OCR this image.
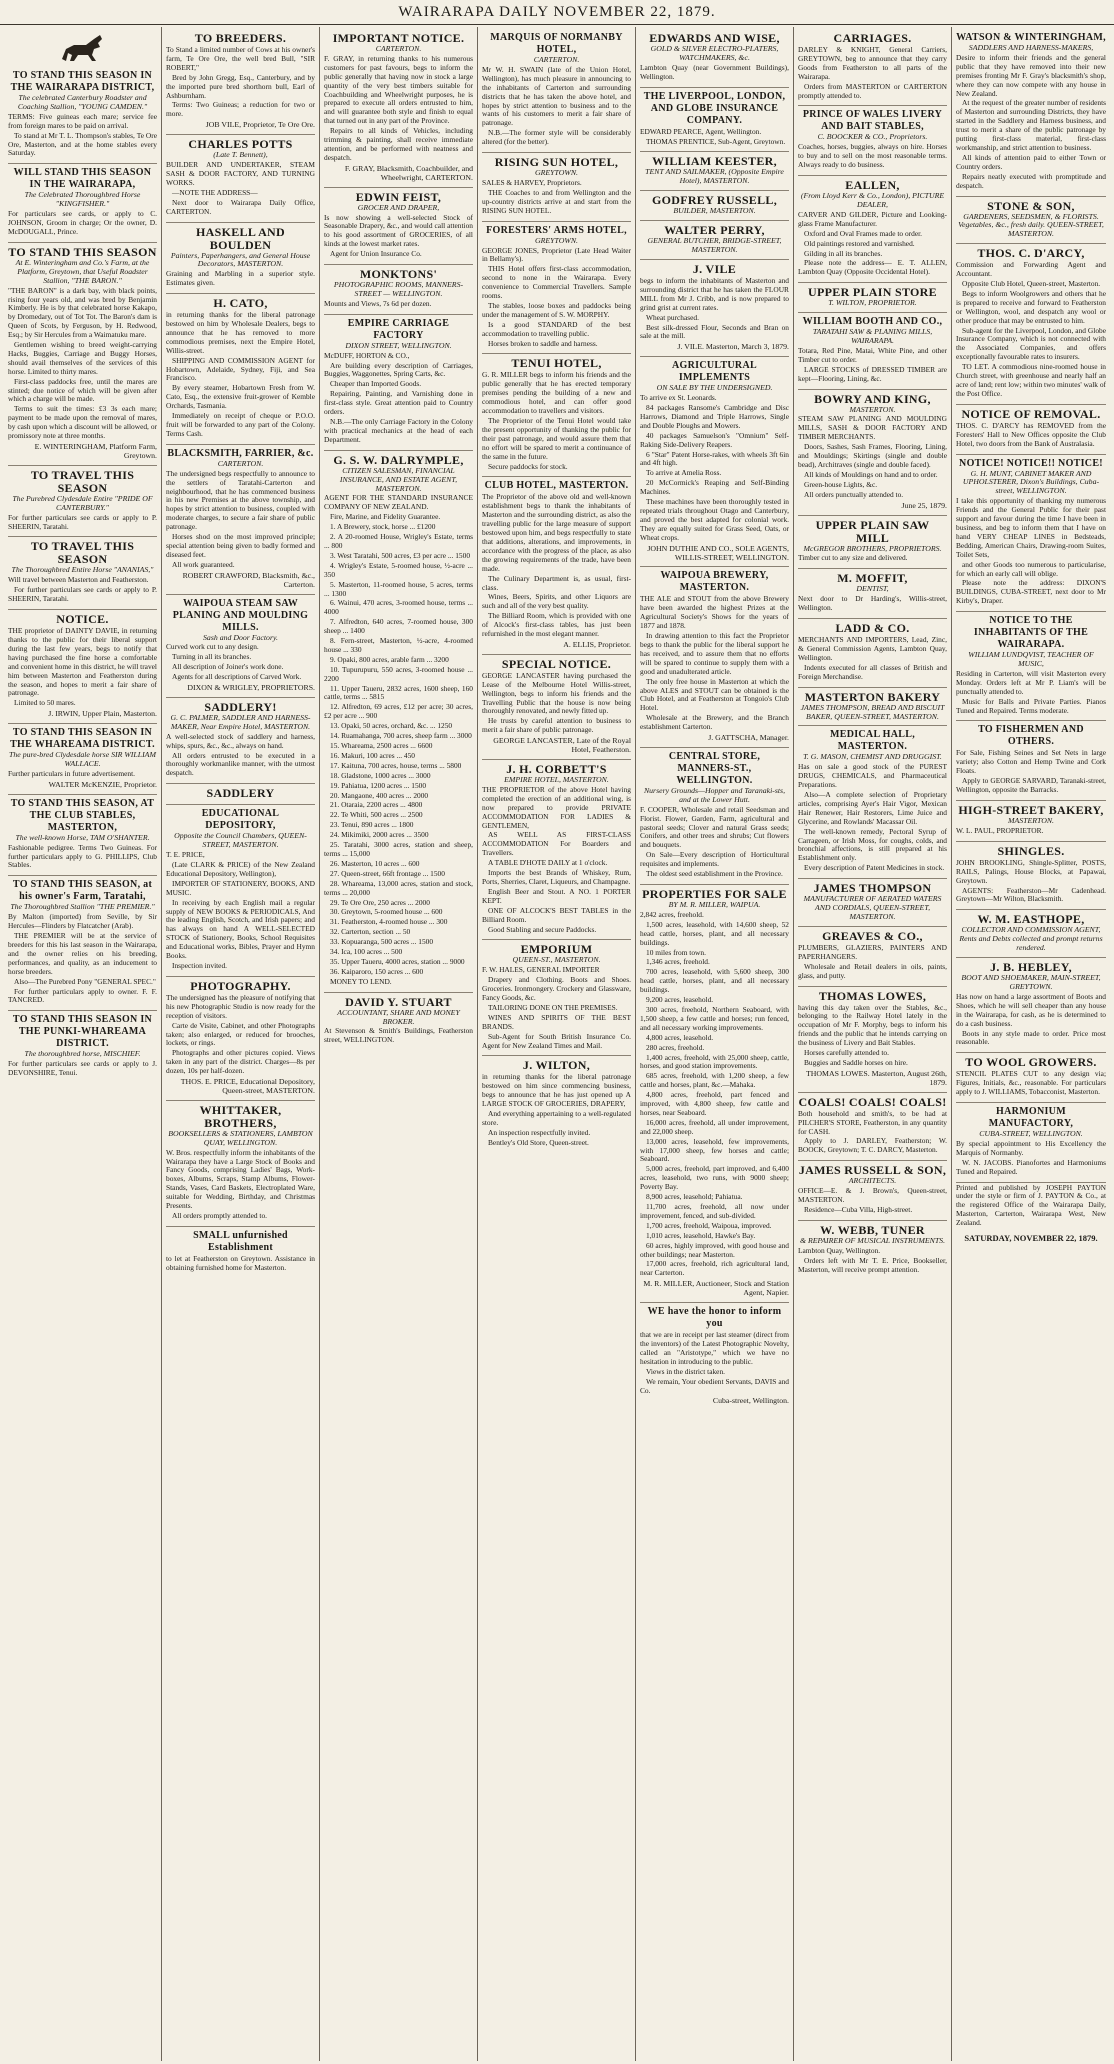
WAIRARAPA DAILY NOVEMBER 22, 1879.
TO STAND THIS SEASON IN THE WAIRARAPA DISTRICT,
The celebrated Canterbury Roadster and Coaching Stallion, "YOUNG CAMDEN."

TERMS: Five guineas each mare; service fee from foreign mares to be paid on arrival.

To stand at Mr T. L. Thompson's stables, Te Ore Ore, Masterton, and at the home stables every Saturday.

WILL STAND THIS SEASON IN THE WAIRARAPA,
The Celebrated Thoroughbred Horse "KINGFISHER."

For particulars see cards, or apply to C. JOHNSON, Groom in charge; Or the owner, D. McDOUGALL, Prince.

TO STAND THIS SEASON
At E. Winteringham and Co.'s Farm, at the Platform, Greytown, that Useful Roadster Stallion, "THE BARON."

"THE BARON" is a dark bay, with black points, rising four years old, and was bred by Benjamin Kimberly. He is by that celebrated horse Kakapo, by Dromedary, out of Tot Tot. The Baron's dam is Queen of Scots, by Ferguson, by H. Redwood, Esq.; by Sir Hercules from a Waimatuku mare.

Gentlemen wishing to breed weight-carrying Hacks, Buggies, Carriage and Buggy Horses, should avail themselves of the services of this horse. Limited to thirty mares.

First-class paddocks free, until the mares are stinted; due notice of which will be given after which a charge will be made.

Terms to suit the times: £3 3s each mare; payment to be made upon the removal of mares, by cash upon which a discount will be allowed, or promissory note at three months.

E. WINTERINGHAM, Platform Farm, Greytown.
TO TRAVEL THIS SEASON
The Purebred Clydesdale Entire "PRIDE OF CANTERBURY."

For further particulars see cards or apply to P. SHEERIN, Taratahi.

TO TRAVEL THIS SEASON
The Thoroughbred Entire Horse "ANANIAS,"

Will travel between Masterton and Featherston.

For further particulars see cards or apply to P. SHEERIN, Taratahi.

NOTICE.

THE proprietor of DAINTY DAVIE, in returning thanks to the public for their liberal support during the last few years, begs to notify that having purchased the fine horse a comfortable and convenient home in this district, he will travel him between Masterton and Featherston during the season, and hopes to merit a fair share of patronage.

Limited to 50 mares.

J. IRWIN, Upper Plain, Masterton.
TO STAND THIS SEASON IN THE WHAREAMA DISTRICT.
The pure-bred Clydesdale horse SIR WILLIAM WALLACE.

Further particulars in future advertisement.

WALTER McKENZIE, Proprietor.
TO STAND THIS SEASON, AT THE CLUB STABLES, MASTERTON,
The well-known Horse, TAM O'SHANTER.

Fashionable pedigree. Terms Two Guineas. For further particulars apply to G. PHILLIPS, Club Stables.

TO STAND THIS SEASON, at his owner's Farm, Taratahi,
The Thoroughbred Stallion "THE PREMIER."

By Malton (imported) from Seville, by Sir Hercules—Flinders by Flatcatcher (Arab).

THE PREMIER will be at the service of breeders for this his last season in the Wairarapa, and the owner relies on his breeding, performances, and quality, as an inducement to horse breeders.

Also—The Purebred Pony "GENERAL SPEC."

For further particulars apply to owner. F. F. TANCRED.

TO STAND THIS SEASON IN THE PUNKI-WHAREAMA DISTRICT.
The thoroughbred horse, MISCHIEF.

For further particulars see cards or apply to J. DEVONSHIRE, Tenui.

TO BREEDERS.

To Stand a limited number of Cows at his owner's farm, Te Ore Ore, the well bred Bull, "SIR ROBERT,"

Bred by John Gregg, Esq., Canterbury, and by the imported pure bred shorthorn bull, Earl of Ashburnham.

Terms: Two Guineas; a reduction for two or more.

JOB VILE, Proprietor, Te Ore Ore.
CHARLES POTTS
(Late T. Bennett),

BUILDER AND UNDERTAKER, STEAM SASH & DOOR FACTORY, AND TURNING WORKS.

—NOTE THE ADDRESS—

Next door to Wairarapa Daily Office, CARTERTON.

HASKELL AND BOULDEN
Painters, Paperhangers, and General House Decorators, MASTERTON.

Graining and Marbling in a superior style. Estimates given.

H. CATO,

in returning thanks for the liberal patronage bestowed on him by Wholesale Dealers, begs to announce that he has removed to more commodious premises, next the Empire Hotel, Willis-street.

SHIPPING AND COMMISSION AGENT for Hobartown, Adelaide, Sydney, Fiji, and Sea Francisco.

By every steamer, Hobartown Fresh from W. Cato, Esq., the extensive fruit-grower of Kemble Orchards, Tasmania.

Immediately on receipt of cheque or P.O.O. fruit will be forwarded to any part of the Colony. Terms Cash.

BLACKSMITH, FARRIER, &c.
CARTERTON.

The undersigned begs respectfully to announce to the settlers of Taratahi-Carterton and neighbourhood, that he has commenced business in his new Premises at the above township, and hopes by strict attention to business, coupled with moderate charges, to secure a fair share of public patronage.

Horses shod on the most improved principle; special attention being given to badly formed and diseased feet.

All work guaranteed.

ROBERT CRAWFORD, Blacksmith, &c., Carterton.
WAIPOUA STEAM SAW PLANING AND MOULDING MILLS.
Sash and Door Factory.

Curved work cut to any design.

Turning in all its branches.

All description of Joiner's work done.

Agents for all descriptions of Carved Work.

DIXON & WRIGLEY, PROPRIETORS.
SADDLERY!
G. C. PALMER, SADDLER AND HARNESS-MAKER, Near Empire Hotel, MASTERTON.

A well-selected stock of saddlery and harness, whips, spurs, &c., &c., always on hand.

All orders entrusted to be executed in a thoroughly workmanlike manner, with the utmost despatch.

SADDLERY
EDUCATIONAL DEPOSITORY,
Opposite the Council Chambers, QUEEN-STREET, MASTERTON.

T. E. PRICE,

(Late CLARK & PRICE) of the New Zealand Educational Depository, Wellington),

IMPORTER OF STATIONERY, BOOKS, AND MUSIC.

In receiving by each English mail a regular supply of NEW BOOKS & PERIODICALS, And the leading English, Scotch, and Irish papers; and has always on hand A WELL-SELECTED STOCK of Stationery, Books, School Requisites and Educational works, Bibles, Prayer and Hymn Books.

Inspection invited.

PHOTOGRAPHY.

The undersigned has the pleasure of notifying that his new Photographic Studio is now ready for the reception of visitors.

Carte de Visite, Cabinet, and other Photographs taken; also enlarged, or reduced for brooches, lockets, or rings.

Photographs and other pictures copied. Views taken in any part of the district. Charges—8s per dozen, 10s per half-dozen.

THOS. E. PRICE, Educational Depository, Queen-street, MASTERTON.
WHITTAKER, BROTHERS,
BOOKSELLERS & STATIONERS, LAMBTON QUAY, WELLINGTON.

W. Bros. respectfully inform the inhabitants of the Wairarapa they have a Large Stock of Books and Fancy Goods, comprising Ladies' Bags, Work-boxes, Albums, Scraps, Stamp Albums, Flower-Stands, Vases, Card Baskets, Electroplated Ware, suitable for Wedding, Birthday, and Christmas Presents.

All orders promptly attended to.

SMALL unfurnished Establishment

to let at Featherston on Greytown. Assistance in obtaining furnished home for Masterton.

IMPORTANT NOTICE.
CARTERTON.

F. GRAY, in returning thanks to his numerous customers for past favours, begs to inform the public generally that having now in stock a large quantity of the very best timbers suitable for Coachbuilding and Wheelwright purposes, he is prepared to execute all orders entrusted to him, and will guarantee both style and finish to equal that turned out in any part of the Province.

Repairs to all kinds of Vehicles, including trimming & painting, shall receive immediate attention, and be performed with neatness and despatch.

F. GRAY, Blacksmith, Coachbuilder, and Wheelwright, CARTERTON.
EDWIN FEIST,
GROCER AND DRAPER,

Is now showing a well-selected Stock of Seasonable Drapery, &c., and would call attention to his good assortment of GROCERIES, of all kinds at the lowest market rates.

Agent for Union Insurance Co.

MONKTONS'
PHOTOGRAPHIC ROOMS, MANNERS-STREET — WELLINGTON.

Mounts and Views, 7s 6d per dozen.

EMPIRE CARRIAGE FACTORY
DIXON STREET, WELLINGTON.

McDUFF, HORTON & CO.,

Are building every description of Carriages, Buggies, Waggonettes, Spring Carts, &c.

Cheaper than Imported Goods.

Repairing, Painting, and Varnishing done in first-class style. Great attention paid to Country orders.

N.B.—The only Carriage Factory in the Colony with practical mechanics at the head of each Department.

G. S. W. DALRYMPLE,
CITIZEN SALESMAN, FINANCIAL INSURANCE, AND ESTATE AGENT, MASTERTON.

AGENT FOR THE STANDARD INSURANCE COMPANY OF NEW ZEALAND.

Fire, Marine, and Fidelity Guarantee.

1. A Brewery, stock, horse ... £1200

2. A 20-roomed House, Wrigley's Estate, terms ... 800

3. West Taratahi, 500 acres, £3 per acre ... 1500

4. Wrigley's Estate, 5-roomed house, ½-acre ... 350

5. Masterton, 11-roomed house, 5 acres, terms ... 1300

6. Wainui, 470 acres, 3-roomed house, terms ... 4000

7. Alfredton, 640 acres, 7-roomed house, 300 sheep ... 1400

8. Fern-street, Masterton, ½-acre, 4-roomed house ... 330

9. Opaki, 800 acres, arable farm ... 3200

10. Tupurupuru, 550 acres, 3-roomed house ... 2200

11. Upper Taueru, 2832 acres, 1600 sheep, 160 cattle, terms ... 5815

12. Alfredton, 69 acres, £12 per acre; 30 acres, £2 per acre ... 900

13. Opaki, 50 acres, orchard, &c. ... 1250

14. Ruamahanga, 700 acres, sheep farm ... 3000

15. Whareama, 2500 acres ... 6600

16. Makuri, 100 acres ... 450

17. Kaituna, 700 acres, house, terms ... 5800

18. Gladstone, 1000 acres ... 3000

19. Pahiatua, 1200 acres ... 1500

20. Mangaone, 400 acres ... 2000

21. Otaraia, 2200 acres ... 4800

22. Te Whiti, 500 acres ... 2500

23. Tenui, 890 acres ... 1800

24. Mikimiki, 2000 acres ... 3500

25. Taratahi, 3000 acres, station and sheep, terms ... 15,000

26. Masterton, 10 acres ... 600

27. Queen-street, 66ft frontage ... 1500

28. Whareama, 13,000 acres, station and stock, terms ... 20,000

29. Te Ore Ore, 250 acres ... 2000

30. Greytown, 5-roomed house ... 600

31. Featherston, 4-roomed house ... 300

32. Carterton, section ... 50

33. Kopuaranga, 500 acres ... 1500

34. Ica, 100 acres ... 500

35. Upper Taueru, 4000 acres, station ... 9000

36. Kaiparoro, 150 acres ... 600

MONEY TO LEND.

DAVID Y. STUART
ACCOUNTANT, SHARE AND MONEY BROKER.

At Stevenson & Smith's Buildings, Featherston street, WELLINGTON.

MARQUIS OF NORMANBY HOTEL,
CARTERTON.

Mr W. H. SWAIN (late of the Union Hotel, Wellington), has much pleasure in announcing to the inhabitants of Carterton and surrounding districts that he has taken the above hotel, and hopes by strict attention to business and to the wants of his customers to merit a fair share of patronage.

N.B.—The former style will be considerably altered (for the better).

RISING SUN HOTEL,
GREYTOWN.

SALES & HARVEY, Proprietors.

THE Coaches to and from Wellington and the up-country districts arrive at and start from the RISING SUN HOTEL.

FORESTERS' ARMS HOTEL,
GREYTOWN.

GEORGE JONES, Proprietor (Late Head Waiter in Bellamy's).

THIS Hotel offers first-class accommodation, second to none in the Wairarapa. Every convenience to Commercial Travellers. Sample rooms.

The stables, loose boxes and paddocks being under the management of S. W. MORPHY.

Is a good STANDARD of the best accommodation to travelling public.

Horses broken to saddle and harness.

TENUI HOTEL,

G. R. MILLER begs to inform his friends and the public generally that he has erected temporary premises pending the building of a new and commodious hotel, and can offer good accommodation to travellers and visitors.

The Proprietor of the Tenui Hotel would take the present opportunity of thanking the public for their past patronage, and would assure them that no effort will be spared to merit a continuance of the same in the future.

Secure paddocks for stock.

CLUB HOTEL, MASTERTON.

The Proprietor of the above old and well-known establishment begs to thank the inhabitants of Masterton and the surrounding district, as also the travelling public for the large measure of support bestowed upon him, and begs respectfully to state that additions, alterations, and improvements, in accordance with the progress of the place, as also the growing requirements of the trade, have been made.

The Culinary Department is, as usual, first-class.

Wines, Beers, Spirits, and other Liquors are such and all of the very best quality.

The Billiard Room, which is provided with one of Alcock's first-class tables, has just been refurnished in the most elegant manner.

A. ELLIS, Proprietor.
SPECIAL NOTICE.

GEORGE LANCASTER having purchased the Lease of the Melbourne Hotel Willis-street, Wellington, begs to inform his friends and the Travelling Public that the house is now being thoroughly renovated, and newly fitted up.

He trusts by careful attention to business to merit a fair share of public patronage.

GEORGE LANCASTER, Late of the Royal Hotel, Featherston.
J. H. CORBETT'S
EMPIRE HOTEL, MASTERTON.

THE PROPRIETOR of the above Hotel having completed the erection of an additional wing, is now prepared to provide PRIVATE ACCOMMODATION FOR LADIES & GENTLEMEN,

AS WELL AS FIRST-CLASS ACCOMMODATION For Boarders and Travellers.

A TABLE D'HOTE DAILY at 1 o'clock.

Imports the best Brands of Whiskey, Rum, Ports, Sherries, Claret, Liqueurs, and Champagne.

English Beer and Stout. A NO. 1 PORTER KEPT.

ONE OF ALCOCK'S BEST TABLES in the Billiard Room.

Good Stabling and secure Paddocks.

EMPORIUM
QUEEN-ST., MASTERTON.

F. W. HALES, GENERAL IMPORTER

Drapery and Clothing. Boots and Shoes. Groceries. Ironmongery. Crockery and Glassware, Fancy Goods, &c.

TAILORING DONE ON THE PREMISES.

WINES AND SPIRITS OF THE BEST BRANDS.

Sub-Agent for South British Insurance Co. Agent for New Zealand Times and Mail.

J. WILTON,

in returning thanks for the liberal patronage bestowed on him since commencing business, begs to announce that he has just opened up A LARGE STOCK OF GROCERIES, DRAPERY,

And everything appertaining to a well-regulated store.

An inspection respectfully invited.

Bentley's Old Store, Queen-street.

EDWARDS AND WISE,
GOLD & SILVER ELECTRO-PLATERS, WATCHMAKERS, &c.

Lambton Quay (near Government Buildings), Wellington.

THE LIVERPOOL, LONDON, AND GLOBE INSURANCE COMPANY.

EDWARD PEARCE, Agent, Wellington.

THOMAS PRENTICE, Sub-Agent, Greytown.

WILLIAM KEESTER,
TENT AND SAILMAKER, (Opposite Empire Hotel), MASTERTON.
GODFREY RUSSELL,
BUILDER, MASTERTON.
WALTER PERRY,
GENERAL BUTCHER, BRIDGE-STREET, MASTERTON.
J. VILE

begs to inform the inhabitants of Masterton and surrounding district that he has taken the FLOUR MILL from Mr J. Cribb, and is now prepared to grind grist at current rates.

Wheat purchased.

Best silk-dressed Flour, Seconds and Bran on sale at the mill.

J. VILE. Masterton, March 3, 1879.
AGRICULTURAL IMPLEMENTS
ON SALE BY THE UNDERSIGNED.

To arrive ex St. Leonards.

84 packages Ransome's Cambridge and Disc Harrows, Diamond and Triple Harrows, Single and Double Ploughs and Mowers.

40 packages Samuelson's "Omnium" Self-Raking Side-Delivery Reapers.

6 "Star" Patent Horse-rakes, with wheels 3ft 6in and 4ft high.

To arrive at Amelia Ross.

20 McCormick's Reaping and Self-Binding Machines.

These machines have been thoroughly tested in repeated trials throughout Otago and Canterbury, and proved the best adapted for colonial work. They are equally suited for Grass Seed, Oats, or Wheat crops.

JOHN DUTHIE AND CO., SOLE AGENTS, WILLIS-STREET, WELLINGTON.
WAIPOUA BREWERY, MASTERTON.

THE ALE and STOUT from the above Brewery have been awarded the highest Prizes at the Agricultural Society's Shows for the years of 1877 and 1878.

In drawing attention to this fact the Proprietor begs to thank the public for the liberal support he has received, and to assure them that no efforts will be spared to continue to supply them with a good and unadulterated article.

The only free house in Masterton at which the above ALES and STOUT can be obtained is the Club Hotel, and at Featherston at Tongoio's Club Hotel.

Wholesale at the Brewery, and the Branch establishment Carterton.

J. GATTSCHA, Manager.
CENTRAL STORE, MANNERS-ST., WELLINGTON.
Nursery Grounds—Hopper and Taranaki-sts, and at the Lower Hutt.

F. COOPER, Wholesale and retail Seedsman and Florist. Flower, Garden, Farm, agricultural and pastoral seeds; Clover and natural Grass seeds; Conifers, and other trees and shrubs; Cut flowers and bouquets.

On Sale—Every description of Horticultural requisites and implements.

The oldest seed establishment in the Province.

PROPERTIES FOR SALE
BY M. R. MILLER, WAIPUA.

2,842 acres, freehold.

1,500 acres, leasehold, with 14,600 sheep, 52 head cattle, horses, plant, and all necessary buildings.

10 miles from town.

1,346 acres, freehold.

700 acres, leasehold, with 5,600 sheep, 300 head cattle, horses, plant, and all necessary buildings.

9,200 acres, leasehold.

300 acres, freehold, Northern Seaboard, with 1,500 sheep, a few cattle and horses; run fenced, and all necessary working improvements.

4,800 acres, leasehold.

280 acres, freehold.

1,400 acres, freehold, with 25,000 sheep, cattle, horses, and good station improvements.

685 acres, freehold, with 1,200 sheep, a few cattle and horses, plant, &c.—Mahaka.

4,800 acres, freehold, part fenced and improved, with 4,800 sheep, few cattle and horses, near Seaboard.

16,000 acres, freehold, all under improvement, and 22,000 sheep.

13,000 acres, leasehold, few improvements, with 17,000 sheep, few horses and cattle; Seaboard.

5,000 acres, freehold, part improved, and 6,400 acres, leasehold, two runs, with 9000 sheep; Poverty Bay.

8,900 acres, leasehold; Pahiatua.

11,700 acres, freehold, all now under improvement, fenced, and sub-divided.

1,700 acres, freehold, Waipoua, improved.

1,010 acres, leasehold, Hawke's Bay.

60 acres, highly improved, with good house and other buildings; near Masterton.

17,000 acres, freehold, rich agricultural land, near Carterton.

M. R. MILLER, Auctioneer, Stock and Station Agent, Napier.
WE have the honor to inform you

that we are in receipt per last steamer (direct from the inventors) of the Latest Photographic Novelty, called an "Aristotype," which we have no hesitation in introducing to the public.

Views in the district taken.

We remain, Your obedient Servants, DAVIS and Co.

Cuba-street, Wellington.
CARRIAGES.

DARLEY & KNIGHT, General Carriers, GREYTOWN, beg to announce that they carry Goods from Featherston to all parts of the Wairarapa.

Orders from MASTERTON or CARTERTON promptly attended to.

PRINCE OF WALES LIVERY AND BAIT STABLES,
C. BOOCKER & CO., Proprietors.

Coaches, horses, buggies, always on hire. Horses to buy and to sell on the most reasonable terms. Always ready to do business.

EALLEN,
(From Lloyd Kerr & Co., London), PICTURE DEALER,

CARVER AND GILDER, Picture and Looking-glass Frame Manufacturer.

Oxford and Oval Frames made to order.

Old paintings restored and varnished.

Gilding in all its branches.

Please note the address— E. T. ALLEN, Lambton Quay (Opposite Occidental Hotel).

UPPER PLAIN STORE
T. WILTON, PROPRIETOR.
WILLIAM BOOTH AND CO.,
TARATAHI SAW & PLANING MILLS, WAIRARAPA.

Totara, Red Pine, Matai, White Pine, and other Timber cut to order.

LARGE STOCKS of DRESSED TIMBER are kept—Flooring, Lining, &c.

BOWRY AND KING,
MASTERTON.

STEAM SAW PLANING AND MOULDING MILLS, SASH & DOOR FACTORY AND TIMBER MERCHANTS.

Doors, Sashes, Sash Frames, Flooring, Lining, and Mouldings; Skirtings (single and double bead), Architraves (single and double faced).

All kinds of Mouldings on hand and to order.

Green-house Lights, &c.

All orders punctually attended to.

June 25, 1879.
UPPER PLAIN SAW MILL
McGREGOR BROTHERS, PROPRIETORS.

Timber cut to any size and delivered.

M. MOFFIT,
DENTIST,

Next door to Dr Harding's, Willis-street, Wellington.

LADD & CO.

MERCHANTS AND IMPORTERS, Lead, Zinc, & General Commission Agents, Lambton Quay, Wellington.

Indents executed for all classes of British and Foreign Merchandise.

MASTERTON BAKERY
JAMES THOMPSON, BREAD AND BISCUIT BAKER, QUEEN-STREET, MASTERTON.
MEDICAL HALL, MASTERTON.
T. G. MASON, CHEMIST AND DRUGGIST.

Has on sale a good stock of the PUREST DRUGS, CHEMICALS, and Pharmaceutical Preparations.

Also—A complete selection of Proprietary articles, comprising Ayer's Hair Vigor, Mexican Hair Renewer, Hair Restorers, Lime Juice and Glycerine, and Rowlands' Macassar Oil.

The well-known remedy, Pectoral Syrup of Carrageen, or Irish Moss, for coughs, colds, and bronchial affections, is still prepared at his Establishment only.

Every description of Patent Medicines in stock.

JAMES THOMPSON
MANUFACTURER OF AERATED WATERS AND CORDIALS, QUEEN-STREET, MASTERTON.
GREAVES & CO.,

PLUMBERS, GLAZIERS, PAINTERS AND PAPERHANGERS.

Wholesale and Retail dealers in oils, paints, glass, and putty.

THOMAS LOWES,

having this day taken over the Stables, &c., belonging to the Railway Hotel lately in the occupation of Mr F. Morphy, begs to inform his friends and the public that he intends carrying on the business of Livery and Bait Stables.

Horses carefully attended to.

Buggies and Saddle horses on hire.

THOMAS LOWES. Masterton, August 26th, 1879.
COALS! COALS! COALS!

Both household and smith's, to be had at PILCHER'S STORE, Featherston, in any quantity for CASH.

Apply to J. DARLEY, Featherston; W. BOOCK, Greytown; T. C. DARCY, Masterton.

JAMES RUSSELL & SON,
ARCHITECTS.

OFFICE—E. & J. Brown's, Queen-street, MASTERTON.

Residence—Cuba Villa, High-street.

W. WEBB, TUNER
& REPAIRER OF MUSICAL INSTRUMENTS.

Lambton Quay, Wellington.

Orders left with Mr T. E. Price, Bookseller, Masterton, will receive prompt attention.

WATSON & WINTERINGHAM,
SADDLERS AND HARNESS-MAKERS,

Desire to inform their friends and the general public that they have removed into their new premises fronting Mr F. Gray's blacksmith's shop, where they can now compete with any house in New Zealand.

At the request of the greater number of residents of Masterton and surrounding Districts, they have started in the Saddlery and Harness business, and trust to merit a share of the public patronage by putting first-class material, first-class workmanship, and strict attention to business.

All kinds of attention paid to either Town or Country orders.

Repairs neatly executed with promptitude and despatch.

STONE & SON,
GARDENERS, SEEDSMEN, & FLORISTS. Vegetables, &c., fresh daily. QUEEN-STREET, MASTERTON.
THOS. C. D'ARCY,

Commission and Forwarding Agent and Accountant.

Opposite Club Hotel, Queen-street, Masterton.

Begs to inform Woolgrowers and others that he is prepared to receive and forward to Featherston or Wellington, wool, and despatch any wool or other produce that may be entrusted to him.

Sub-agent for the Liverpool, London, and Globe Insurance Company, which is not connected with the Associated Companies, and offers exceptionally favourable rates to insurers.

TO LET. A commodious nine-roomed house in Church street, with greenhouse and nearly half an acre of land; rent low; within two minutes' walk of the Post Office.

NOTICE OF REMOVAL.

THOS. C. D'ARCY has REMOVED from the Foresters' Hall to New Offices opposite the Club Hotel, two doors from the Bank of Australasia.

NOTICE! NOTICE!! NOTICE!
G. H. MUNT, CABINET MAKER AND UPHOLSTERER, Dixon's Buildings, Cuba-street, WELLINGTON.

I take this opportunity of thanking my numerous Friends and the General Public for their past support and favour during the time I have been in business, and beg to inform them that I have on hand VERY CHEAP LINES in Bedsteads, Bedding, American Chairs, Drawing-room Suites, Toilet Sets,

and other Goods too numerous to particularise, for which an early call will oblige.

Please note the address: DIXON'S BUILDINGS, CUBA-STREET, next door to Mr Kirby's, Draper.

NOTICE TO THE INHABITANTS OF THE WAIRARAPA.
WILLIAM LUNDQVIST, TEACHER OF MUSIC,

Residing in Carterton, will visit Masterton every Monday. Orders left at Mr P. Liam's will be punctually attended to.

Music for Balls and Private Parties. Pianos Tuned and Repaired. Terms moderate.

TO FISHERMEN AND OTHERS.

For Sale, Fishing Seines and Set Nets in large variety; also Cotton and Hemp Twine and Cork Floats.

Apply to GEORGE SARVARD, Taranaki-street, Wellington, opposite the Barracks.

HIGH-STREET BAKERY,
MASTERTON.

W. L. PAUL, PROPRIETOR.

SHINGLES.

JOHN BROOKLING, Shingle-Splitter, POSTS, RAILS, Palings, House Blocks, at Papawai, Greytown.

AGENTS: Featherston—Mr Cadenhead. Greytown—Mr Wilton, Blacksmith.

W. M. EASTHOPE,
COLLECTOR AND COMMISSION AGENT, Rents and Debts collected and prompt returns rendered.
J. B. HEBLEY,
BOOT AND SHOEMAKER, MAIN-STREET, GREYTOWN.

Has now on hand a large assortment of Boots and Shoes, which he will sell cheaper than any house in the Wairarapa, for cash, as he is determined to do a cash business.

Boots in any style made to order. Price most reasonable.

TO WOOL GROWERS.

STENCIL PLATES CUT to any design via; Figures, Initials, &c., reasonable. For particulars apply to J. WILLIAMS, Tobacconist, Masterton.

HARMONIUM MANUFACTORY,
CUBA-STREET, WELLINGTON.

By special appointment to His Excellency the Marquis of Normanby.

W. N. JACOBS. Pianofortes and Harmoniums Tuned and Repaired.

Printed and published by JOSEPH PAYTON under the style or firm of J. PAYTON & Co., at the registered Office of the Wairarapa Daily, Masterton, Carterton, Wairarapa West, New Zealand.

SATURDAY, NOVEMBER 22, 1879.
